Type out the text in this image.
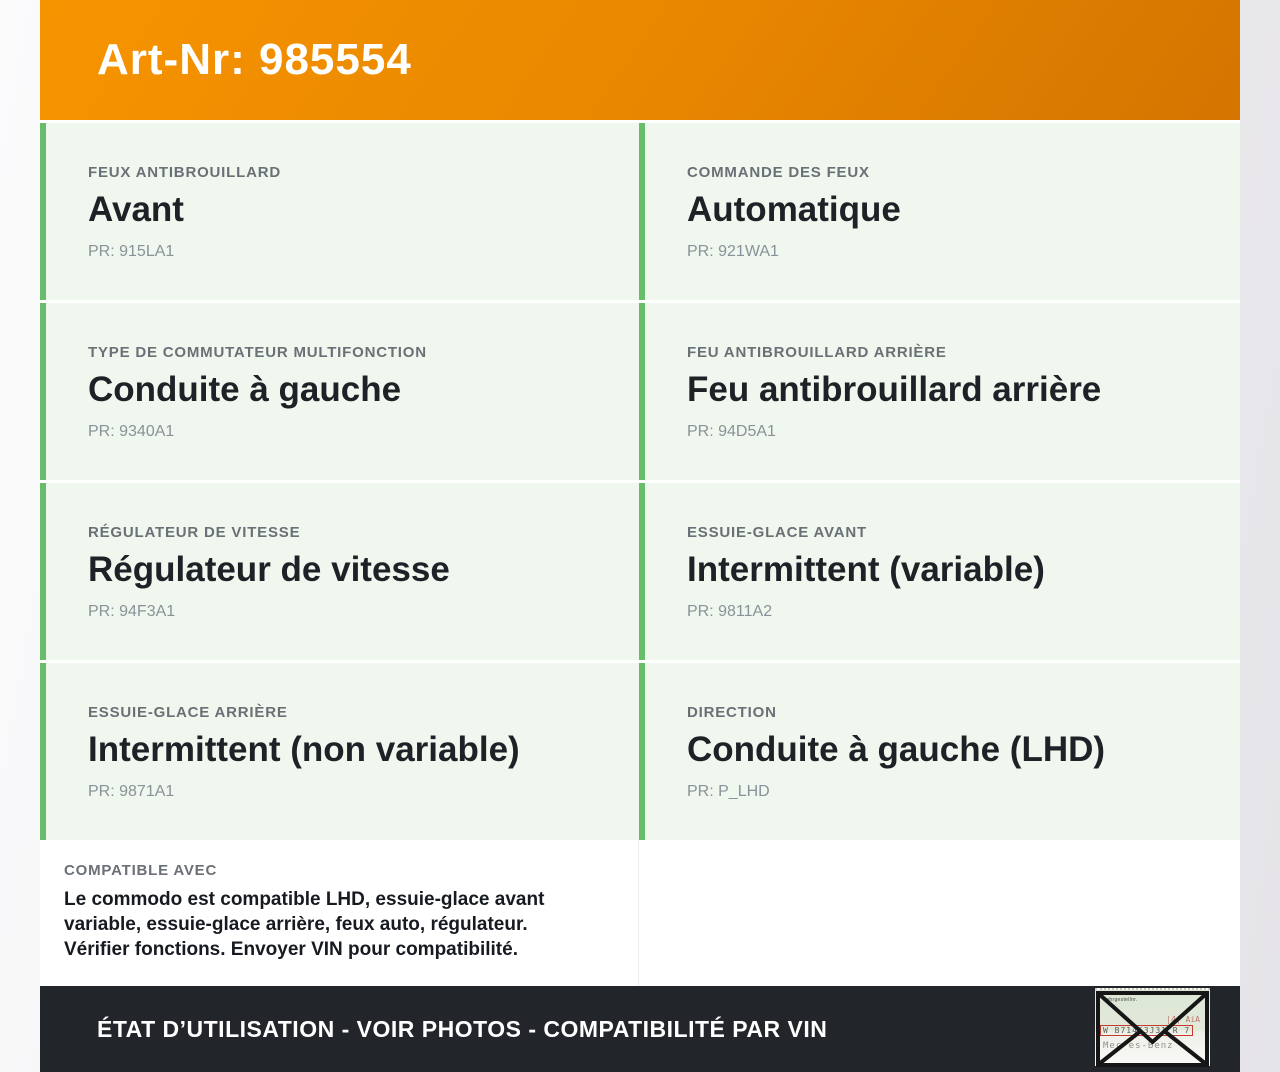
Art-Nr: 985554
FEUX ANTIBROUILLARD
Avant
PR: 915LA1
COMMANDE DES FEUX
Automatique
PR: 921WA1
TYPE DE COMMUTATEUR MULTIFONCTION
Conduite à gauche
PR: 9340A1
FEU ANTIBROUILLARD ARRIÈRE
Feu antibrouillard arrière
PR: 94D5A1
RÉGULATEUR DE VITESSE
Régulateur de vitesse
PR: 94F3A1
ESSUIE-GLACE AVANT
Intermittent (variable)
PR: 9811A2
ESSUIE-GLACE ARRIÈRE
Intermittent (non variable)
PR: 9871A1
DIRECTION
Conduite à gauche (LHD)
PR: P_LHD
COMPATIBLE AVEC
Le commodo est compatible LHD, essuie-glace avant variable, essuie-glace arrière, feux auto, régulateur. Vérifier fonctions. Envoyer VIN pour compatibilité.
ÉTAT D’UTILISATION - VOIR PHOTOS - COMPATIBILITÉ PAR VIN
Fahrgestellnr.
|4| AiA
W B71463J31 R 7
Mec es-Benz
